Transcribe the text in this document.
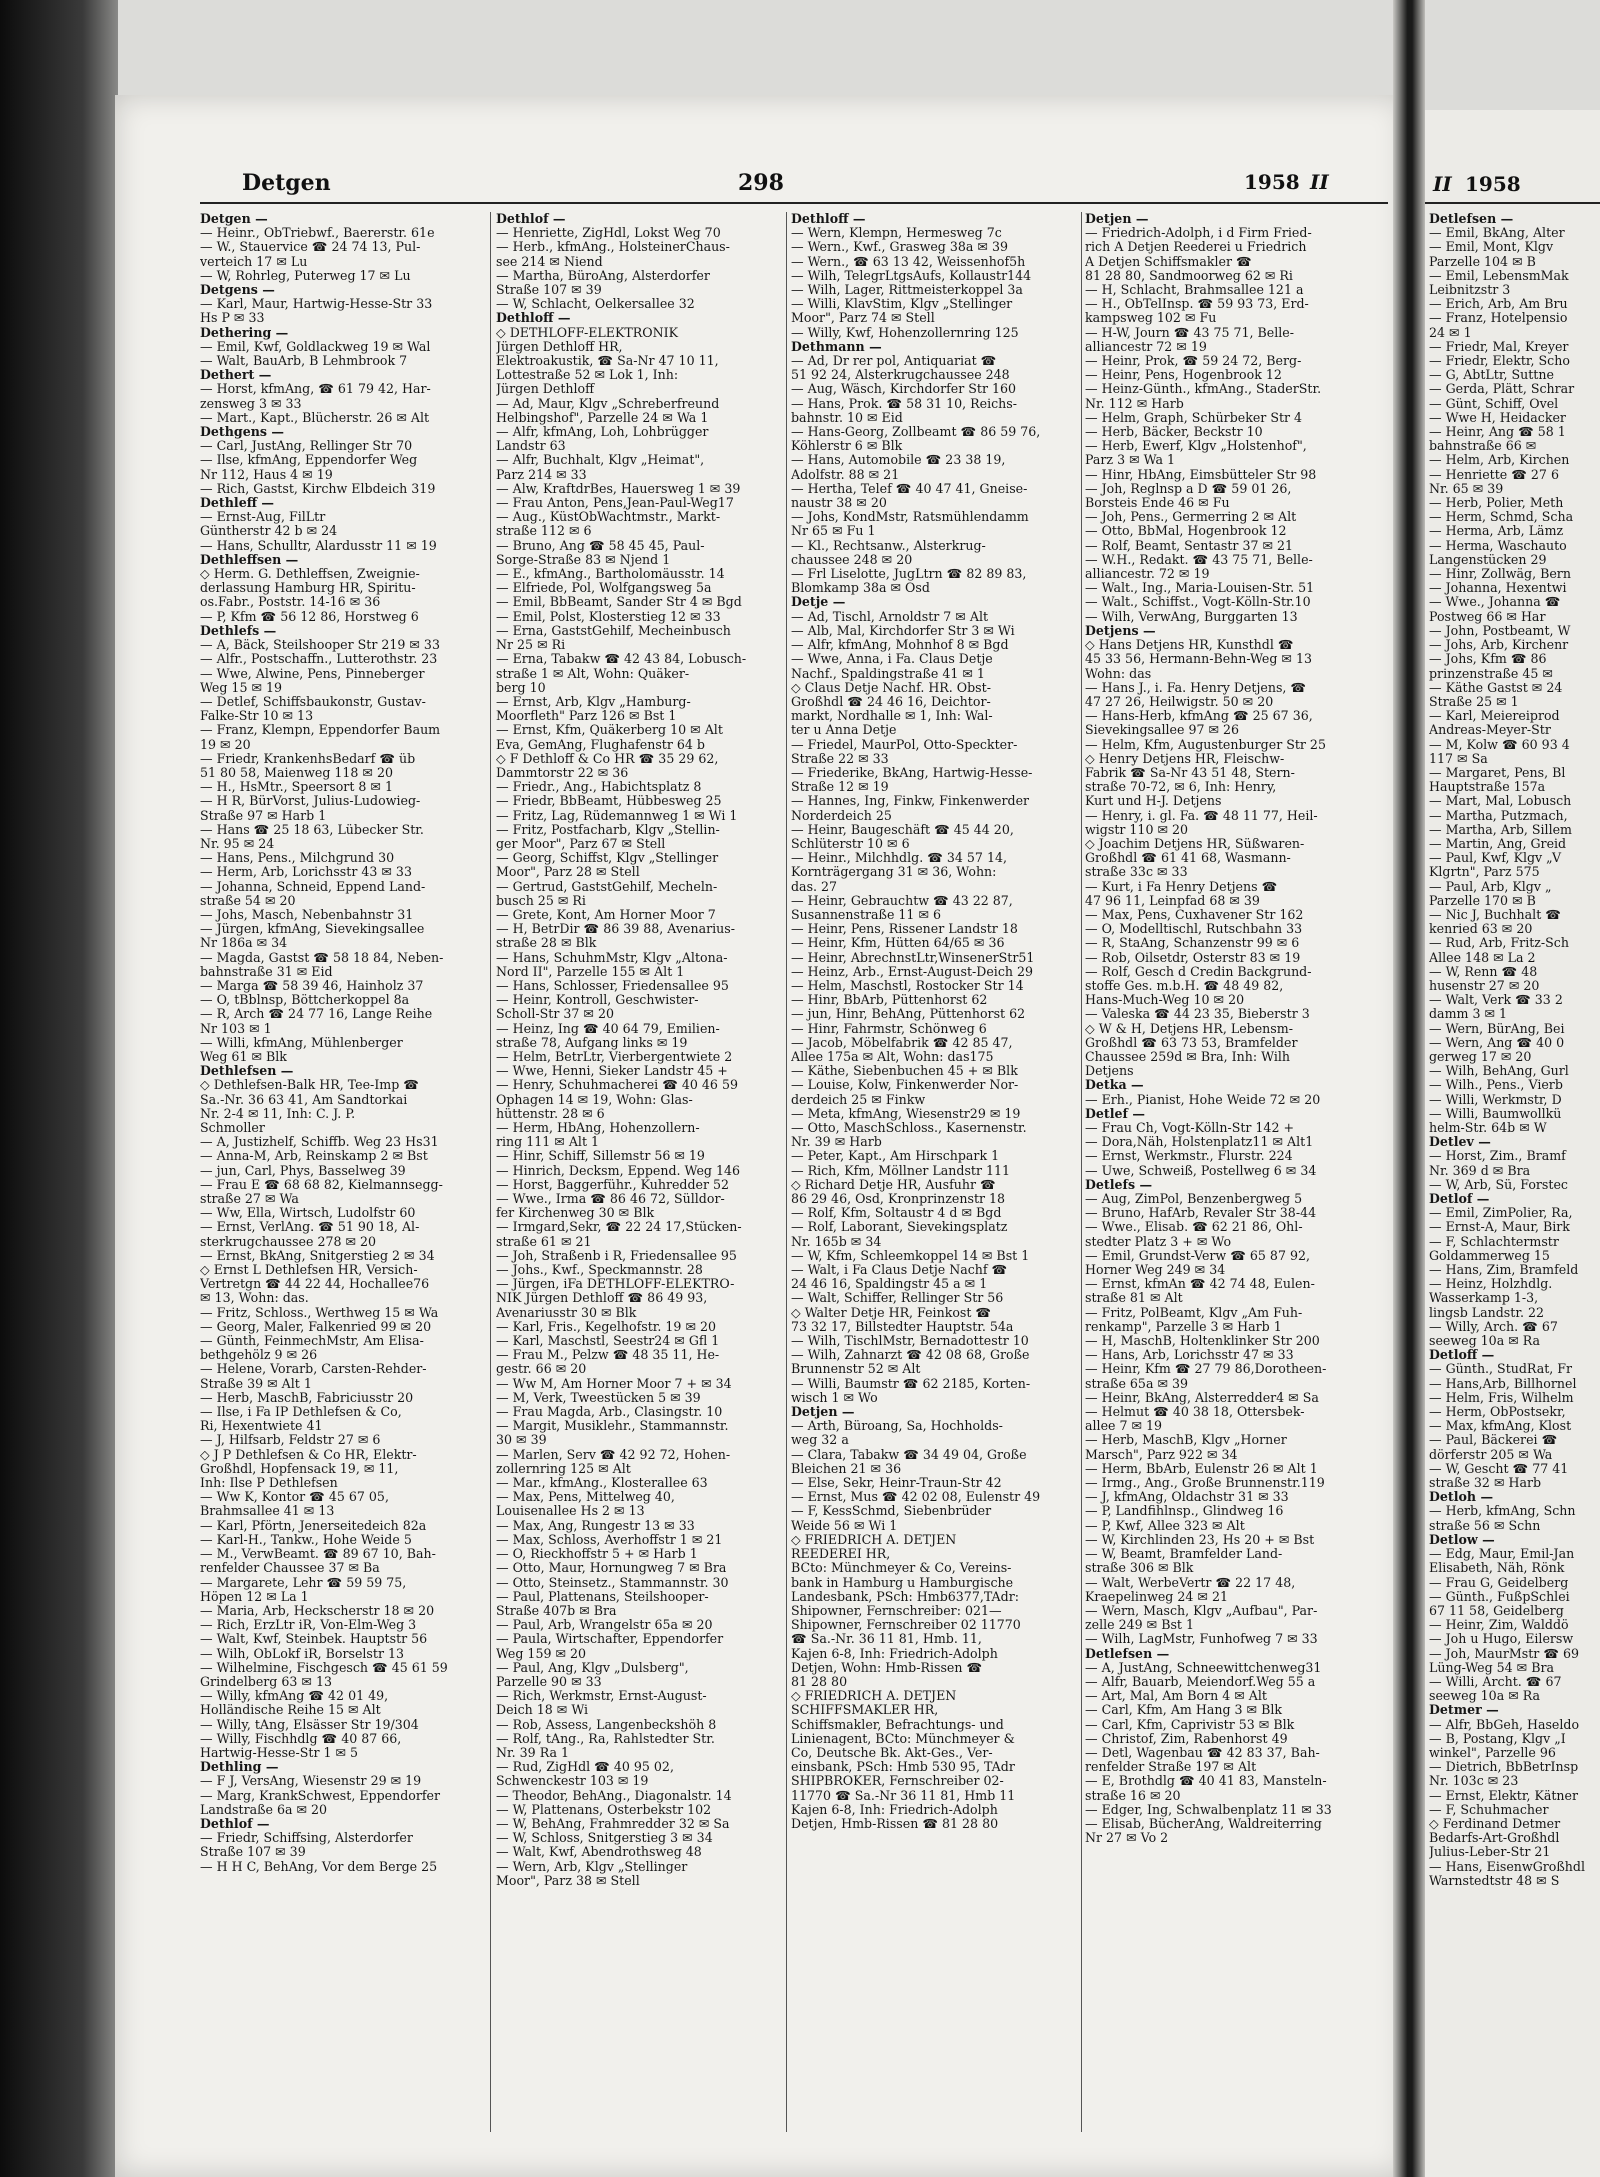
Detgen	298	1958 II
Detgen —
— Heinr., ObTriebwf., Baererstr. 61e
— W., Stauervice ☎ 24 74 13, Pul-
verteich 17 ✉ Lu
— W, Rohrleg, Puterweg 17 ✉ Lu
Detgens —
— Karl, Maur, Hartwig-Hesse-Str 33
Hs P ✉ 33
Dethering —
— Emil, Kwf, Goldlackweg 19 ✉ Wal
— Walt, BauArb, B Lehmbrook 7
Dethert —
— Horst, kfmAng, ☎ 61 79 42, Har-
zensweg 3 ✉ 33
— Mart., Kapt., Blücherstr. 26 ✉ Alt
Dethgens —
— Carl, JustAng, Rellinger Str 70
— Ilse, kfmAng, Eppendorfer Weg
Nr 112, Haus 4 ✉ 19
— Rich, Gastst, Kirchw Elbdeich 319
Dethleff —
— Ernst-Aug, FilLtr
Güntherstr 42 b ✉ 24
— Hans, Schulltr, Alardusstr 11 ✉ 19
Dethleffsen —
◇ Herm. G. Dethleffsen, Zweignie-
derlassung Hamburg HR, Spiritu-
os.Fabr., Poststr. 14-16 ✉ 36
— P, Kfm ☎ 56 12 86, Horstweg 6
Dethlefs —
— A, Bäck, Steilshooper Str 219 ✉ 33
— Alfr., Postschaffn., Lutterothstr. 23
— Wwe, Alwine, Pens, Pinneberger
Weg 15 ✉ 19
— Detlef, Schiffsbaukonstr, Gustav-
Falke-Str 10 ✉ 13
— Franz, Klempn, Eppendorfer Baum
19 ✉ 20
— Friedr, KrankenhsBedarf ☎ üb
51 80 58, Maienweg 118 ✉ 20
— H., HsMtr., Speersort 8 ✉ 1
— H R, BürVorst, Julius-Ludowieg-
Straße 97 ✉ Harb 1
— Hans ☎ 25 18 63, Lübecker Str.
Nr. 95 ✉ 24
— Hans, Pens., Milchgrund 30
— Herm, Arb, Lorichsstr 43 ✉ 33
— Johanna, Schneid, Eppend Land-
straße 54 ✉ 20
— Johs, Masch, Nebenbahnstr 31
— Jürgen, kfmAng, Sievekingsallee
Nr 186a ✉ 34
— Magda, Gastst ☎ 58 18 84, Neben-
bahnstraße 31 ✉ Eid
— Marga ☎ 58 39 46, Hainholz 37
— O, tBblnsp, Böttcherkoppel 8a
— R, Arch ☎ 24 77 16, Lange Reihe
Nr 103 ✉ 1
— Willi, kfmAng, Mühlenberger
Weg 61 ✉ Blk
Dethlefsen —
◇ Dethlefsen-Balk HR, Tee-Imp ☎
Sa.-Nr. 36 63 41, Am Sandtorkai
Nr. 2-4 ✉ 11, Inh: C. J. P.
Schmoller
— A, Justizhelf, Schiffb. Weg 23 Hs31
— Anna-M, Arb, Reinskamp 2 ✉ Bst
— jun, Carl, Phys, Basselweg 39
— Frau E ☎ 68 68 82, Kielmannsegg-
straße 27 ✉ Wa
— Ww, Ella, Wirtsch, Ludolfstr 60
— Ernst, VerlAng. ☎ 51 90 18, Al-
sterkrugchaussee 278 ✉ 20
— Ernst, BkAng, Snitgerstieg 2 ✉ 34
◇ Ernst L Dethlefsen HR, Versich-
Vertretgn ☎ 44 22 44, Hochallee76
✉ 13, Wohn: das.
— Fritz, Schloss., Werthweg 15 ✉ Wa
— Georg, Maler, Falkenried 99 ✉ 20
— Günth, FeinmechMstr, Am Elisa-
bethgehölz 9 ✉ 26
— Helene, Vorarb, Carsten-Rehder-
Straße 39 ✉ Alt 1
— Herb, MaschB, Fabriciusstr 20
— Ilse, i Fa IP Dethlefsen & Co,
Ri, Hexentwiete 41
— J, Hilfsarb, Feldstr 27 ✉ 6
◇ J P Dethlefsen & Co HR, Elektr-
Großhdl, Hopfensack 19, ✉ 11,
Inh: Ilse P Dethlefsen
— Ww K, Kontor ☎ 45 67 05,
Brahmsallee 41 ✉ 13
— Karl, Pförtn, Jenerseitedeich 82a
— Karl-H., Tankw., Hohe Weide 5
— M., VerwBeamt. ☎ 89 67 10, Bah-
renfelder Chaussee 37 ✉ Ba
— Margarete, Lehr ☎ 59 59 75,
Höpen 12 ✉ La 1
— Maria, Arb, Heckscherstr 18 ✉ 20
— Rich, ErzLtr iR, Von-Elm-Weg 3
— Walt, Kwf, Steinbek. Hauptstr 56
— Wilh, ObLokf iR, Borselstr 13
— Wilhelmine, Fischgesch ☎ 45 61 59
Grindelberg 63 ✉ 13
— Willy, kfmAng ☎ 42 01 49,
Holländische Reihe 15 ✉ Alt
— Willy, tAng, Elsässer Str 19/304
— Willy, Fischhdlg ☎ 40 87 66,
Hartwig-Hesse-Str 1 ✉ 5
Dethling —
— F J, VersAng, Wiesenstr 29 ✉ 19
— Marg, KrankSchwest, Eppendorfer
Landstraße 6a ✉ 20
Dethlof —
— Friedr, Schiffsing, Alsterdorfer
Straße 107 ✉ 39
— H H C, BehAng, Vor dem Berge 25
Dethlof —
— Henriette, ZigHdl, Lokst Weg 70
— Herb., kfmAng., HolsteinerChaus-
see 214 ✉ Niend
— Martha, BüroAng, Alsterdorfer
Straße 107 ✉ 39
— W, Schlacht, Oelkersallee 32
Dethloff —
◇ DETHLOFF-ELEKTRONIK
Jürgen Dethloff HR,
Elektroakustik, ☎ Sa-Nr 47 10 11,
Lottestraße 52 ✉ Lok 1, Inh:
Jürgen Dethloff
— Ad, Maur, Klgv „Schreberfreund
Helbingshof", Parzelle 24 ✉ Wa 1
— Alfr, kfmAng, Loh, Lohbrügger
Landstr 63
— Alfr, Buchhalt, Klgv „Heimat",
Parz 214 ✉ 33
— Alw, KraftdrBes, Hauersweg 1 ✉ 39
— Frau Anton, Pens,Jean-Paul-Weg17
— Aug., KüstObWachtmstr., Markt-
straße 112 ✉ 6
— Bruno, Ang ☎ 58 45 45, Paul-
Sorge-Straße 83 ✉ Njend 1
— E., kfmAng., Bartholomäusstr. 14
— Elfriede, Pol, Wolfgangsweg 5a
— Emil, BbBeamt, Sander Str 4 ✉ Bgd
— Emil, Polst, Klosterstieg 12 ✉ 33
— Erna, GaststGehilf, Mecheinbusch
Nr 25 ✉ Ri
— Erna, Tabakw ☎ 42 43 84, Lobusch-
straße 1 ✉ Alt, Wohn: Quäker-
berg 10
— Ernst, Arb, Klgv „Hamburg-
Moorfleth" Parz 126 ✉ Bst 1
— Ernst, Kfm, Quäkerberg 10 ✉ Alt
Eva, GemAng, Flughafenstr 64 b
◇ F Dethloff & Co HR ☎ 35 29 62,
Dammtorstr 22 ✉ 36
— Friedr., Ang., Habichtsplatz 8
— Friedr, BbBeamt, Hübbesweg 25
— Fritz, Lag, Rüdemannweg 1 ✉ Wi 1
— Fritz, Postfacharb, Klgv „Stellin-
ger Moor", Parz 67 ✉ Stell
— Georg, Schiffst, Klgv „Stellinger
Moor", Parz 28 ✉ Stell
— Gertrud, GaststGehilf, Mecheln-
busch 25 ✉ Ri
— Grete, Kont, Am Horner Moor 7
— H, BetrDir ☎ 86 39 88, Avenarius-
straße 28 ✉ Blk
— Hans, SchuhmMstr, Klgv „Altona-
Nord II", Parzelle 155 ✉ Alt 1
— Hans, Schlosser, Friedensallee 95
— Heinr, Kontroll, Geschwister-
Scholl-Str 37 ✉ 20
— Heinz, Ing ☎ 40 64 79, Emilien-
straße 78, Aufgang links ✉ 19
— Helm, BetrLtr, Vierbergentwiete 2
— Wwe, Henni, Sieker Landstr 45 +
— Henry, Schuhmacherei ☎ 40 46 59
Ophagen 14 ✉ 19, Wohn: Glas-
hüttenstr. 28 ✉ 6
— Herm, HbAng, Hohenzollern-
ring 111 ✉ Alt 1
— Hinr, Schiff, Sillemstr 56 ✉ 19
— Hinrich, Decksm, Eppend. Weg 146
— Horst, Baggerführ., Kuhredder 52
— Wwe., Irma ☎ 86 46 72, Sülldor-
fer Kirchenweg 30 ✉ Blk
— Irmgard,Sekr, ☎ 22 24 17,Stücken-
straße 61 ✉ 21
— Joh, Straßenb i R, Friedensallee 95
— Johs., Kwf., Speckmannstr. 28
— Jürgen, iFa DETHLOFF-ELEKTRO-
NIK Jürgen Dethloff ☎ 86 49 93,
Avenariusstr 30 ✉ Blk
— Karl, Fris., Kegelhofstr. 19 ✉ 20
— Karl, Maschstl, Seestr24 ✉ Gfl 1
— Frau M., Pelzw ☎ 48 35 11, He-
gestr. 66 ✉ 20
— Ww M, Am Horner Moor 7 + ✉ 34
— M, Verk, Tweestücken 5 ✉ 39
— Frau Magda, Arb., Clasingstr. 10
— Margit, Musiklehr., Stammannstr.
30 ✉ 39
— Marlen, Serv ☎ 42 92 72, Hohen-
zollernring 125 ✉ Alt
— Mar., kfmAng., Klosterallee 63
— Max, Pens, Mittelweg 40,
Louisenallee Hs 2 ✉ 13
— Max, Ang, Rungestr 13 ✉ 33
— Max, Schloss, Averhoffstr 1 ✉ 21
— O, Rieckhoffstr 5 + ✉ Harb 1
— Otto, Maur, Hornungweg 7 ✉ Bra
— Otto, Steinsetz., Stammannstr. 30
— Paul, Plattenans, Steilshooper-
Straße 407b ✉ Bra
— Paul, Arb, Wrangelstr 65a ✉ 20
— Paula, Wirtschafter, Eppendorfer
Weg 159 ✉ 20
— Paul, Ang, Klgv „Dulsberg",
Parzelle 90 ✉ 33
— Rich, Werkmstr, Ernst-August-
Deich 18 ✉ Wi
— Rob, Assess, Langenbeckshöh 8
— Rolf, tAng., Ra, Rahlstedter Str.
Nr. 39 Ra 1
— Rud, ZigHdl ☎ 40 95 02,
Schwenckestr 103 ✉ 19
— Theodor, BehAng., Diagonalstr. 14
— W, Plattenans, Osterbekstr 102
— W, BehAng, Frahmredder 32 ✉ Sa
— W, Schloss, Snitgerstieg 3 ✉ 34
— Walt, Kwf, Abendrothsweg 48
— Wern, Arb, Klgv „Stellinger
Moor", Parz 38 ✉ Stell
Dethloff —
— Wern, Klempn, Hermesweg 7c
— Wern., Kwf., Grasweg 38a ✉ 39
— Wern., ☎ 63 13 42, Weissenhof5h
— Wilh, TelegrLtgsAufs, Kollaustr144
— Wilh, Lager, Rittmeisterkoppel 3a
— Willi, KlavStim, Klgv „Stellinger
Moor", Parz 74 ✉ Stell
— Willy, Kwf, Hohenzollernring 125
Dethmann —
— Ad, Dr rer pol, Antiquariat ☎
51 92 24, Alsterkrugchaussee 248
— Aug, Wäsch, Kirchdorfer Str 160
— Hans, Prok. ☎ 58 31 10, Reichs-
bahnstr. 10 ✉ Eid
— Hans-Georg, Zollbeamt ☎ 86 59 76,
Köhlerstr 6 ✉ Blk
— Hans, Automobile ☎ 23 38 19,
Adolfstr. 88 ✉ 21
— Hertha, Telef ☎ 40 47 41, Gneise-
naustr 38 ✉ 20
— Johs, KondMstr, Ratsmühlendamm
Nr 65 ✉ Fu 1
— Kl., Rechtsanw., Alsterkrug-
chaussee 248 ✉ 20
— Frl Liselotte, JugLtrn ☎ 82 89 83,
Blomkamp 38a ✉ Osd
Detje —
— Ad, Tischl, Arnoldstr 7 ✉ Alt
— Alb, Mal, Kirchdorfer Str 3 ✉ Wi
— Alfr, kfmAng, Mohnhof 8 ✉ Bgd
— Wwe, Anna, i Fa. Claus Detje
Nachf., Spaldingstraße 41 ✉ 1
◇ Claus Detje Nachf. HR. Obst-
Großhdl ☎ 24 46 16, Deichtor-
markt, Nordhalle ✉ 1, Inh: Wal-
ter u Anna Detje
— Friedel, MaurPol, Otto-Speckter-
Straße 22 ✉ 33
— Friederike, BkAng, Hartwig-Hesse-
Straße 12 ✉ 19
— Hannes, Ing, Finkw, Finkenwerder
Norderdeich 25
— Heinr, Baugeschäft ☎ 45 44 20,
Schlüterstr 10 ✉ 6
— Heinr., Milchhdlg. ☎ 34 57 14,
Kornträgergang 31 ✉ 36, Wohn:
das. 27
— Heinr, Gebrauchtw ☎ 43 22 87,
Susannenstraße 11 ✉ 6
— Heinr, Pens, Rissener Landstr 18
— Heinr, Kfm, Hütten 64/65 ✉ 36
— Heinr, AbrechnstLtr,WinsenerStr51
— Heinz, Arb., Ernst-August-Deich 29
— Helm, Maschstl, Rostocker Str 14
— Hinr, BbArb, Püttenhorst 62
— jun, Hinr, BehAng, Püttenhorst 62
— Hinr, Fahrmstr, Schönweg 6
— Jacob, Möbelfabrik ☎ 42 85 47,
Allee 175a ✉ Alt, Wohn: das175
— Käthe, Siebenbuchen 45 + ✉ Blk
— Louise, Kolw, Finkenwerder Nor-
derdeich 25 ✉ Finkw
— Meta, kfmAng, Wiesenstr29 ✉ 19
— Otto, MaschSchloss., Kasernenstr.
Nr. 39 ✉ Harb
— Peter, Kapt., Am Hirschpark 1
— Rich, Kfm, Möllner Landstr 111
◇ Richard Detje HR, Ausfuhr ☎
86 29 46, Osd, Kronprinzenstr 18
— Rolf, Kfm, Soltaustr 4 d ✉ Bgd
— Rolf, Laborant, Sievekingsplatz
Nr. 165b ✉ 34
— W, Kfm, Schleemkoppel 14 ✉ Bst 1
— Walt, i Fa Claus Detje Nachf ☎
24 46 16, Spaldingstr 45 a ✉ 1
— Walt, Schiffer, Rellinger Str 56
◇ Walter Detje HR, Feinkost ☎
73 32 17, Billstedter Hauptstr. 54a
— Wilh, TischlMstr, Bernadottestr 10
— Wilh, Zahnarzt ☎ 42 08 68, Große
Brunnenstr 52 ✉ Alt
— Willi, Baumstr ☎ 62 2185, Korten-
wisch 1 ✉ Wo
Detjen —
— Arth, Büroang, Sa, Hochholds-
weg 32 a
— Clara, Tabakw ☎ 34 49 04, Große
Bleichen 21 ✉ 36
— Else, Sekr, Heinr-Traun-Str 42
— Ernst, Mus ☎ 42 02 08, Eulenstr 49
— F, KessSchmd, Siebenbrüder
Weide 56 ✉ Wi 1
◇ FRIEDRICH A. DETJEN
REEDEREI HR,
BCto: Münchmeyer & Co, Vereins-
bank in Hamburg u Hamburgische
Landesbank, PSch: Hmb6377,TAdr:
Shipowner, Fernschreiber: 021—
Shipowner, Fernschreiber 02 11770
☎ Sa.-Nr. 36 11 81, Hmb. 11,
Kajen 6-8, Inh: Friedrich-Adolph
Detjen, Wohn: Hmb-Rissen ☎
81 28 80
◇ FRIEDRICH A. DETJEN
SCHIFFSMAKLER HR,
Schiffsmakler, Befrachtungs- und
Linienagent, BCto: Münchmeyer &
Co, Deutsche Bk. Akt-Ges., Ver-
einsbank, PSch: Hmb 530 95, TAdr
SHIPBROKER, Fernschreiber 02-
11770 ☎ Sa.-Nr 36 11 81, Hmb 11
Kajen 6-8, Inh: Friedrich-Adolph
Detjen, Hmb-Rissen ☎ 81 28 80
Detjen —
— Friedrich-Adolph, i d Firm Fried-
rich A Detjen Reederei u Friedrich
A Detjen Schiffsmakler ☎
81 28 80, Sandmoorweg 62 ✉ Ri
— H, Schlacht, Brahmsallee 121 a
— H., ObTelInsp. ☎ 59 93 73, Erd-
kampsweg 102 ✉ Fu
— H-W, Journ ☎ 43 75 71, Belle-
alliancestr 72 ✉ 19
— Heinr, Prok, ☎ 59 24 72, Berg-
— Heinr, Pens, Hogenbrook 12
— Heinz-Günth., kfmAng., StaderStr.
Nr. 112 ✉ Harb
— Helm, Graph, Schürbeker Str 4
— Herb, Bäcker, Beckstr 10
— Herb, Ewerf, Klgv „Holstenhof",
Parz 3 ✉ Wa 1
— Hinr, HbAng, Eimsbütteler Str 98
— Joh, Reglnsp a D ☎ 59 01 26,
Borsteis Ende 46 ✉ Fu
— Joh, Pens., Germerring 2 ✉ Alt
— Otto, BbMal, Hogenbrook 12
— Rolf, Beamt, Sentastr 37 ✉ 21
— W.H., Redakt. ☎ 43 75 71, Belle-
alliancestr. 72 ✉ 19
— Walt., Ing., Maria-Louisen-Str. 51
— Walt., Schiffst., Vogt-Kölln-Str.10
— Wilh, VerwAng, Burggarten 13
Detjens —
◇ Hans Detjens HR, Kunsthdl ☎
45 33 56, Hermann-Behn-Weg ✉ 13
Wohn: das
— Hans J., i. Fa. Henry Detjens, ☎
47 27 26, Heilwigstr. 50 ✉ 20
— Hans-Herb, kfmAng ☎ 25 67 36,
Sievekingsallee 97 ✉ 26
— Helm, Kfm, Augustenburger Str 25
◇ Henry Detjens HR, Fleischw-
Fabrik ☎ Sa-Nr 43 51 48, Stern-
straße 70-72, ✉ 6, Inh: Henry,
Kurt und H-J. Detjens
— Henry, i. gl. Fa. ☎ 48 11 77, Heil-
wigstr 110 ✉ 20
◇ Joachim Detjens HR, Süßwaren-
Großhdl ☎ 61 41 68, Wasmann-
straße 33c ✉ 33
— Kurt, i Fa Henry Detjens ☎
47 96 11, Leinpfad 68 ✉ 39
— Max, Pens, Cuxhavener Str 162
— O, Modelltischl, Rutschbahn 33
— R, StaAng, Schanzenstr 99 ✉ 6
— Rob, Oilsetdr, Osterstr 83 ✉ 19
— Rolf, Gesch d Credin Backgrund-
stoffe Ges. m.b.H. ☎ 48 49 82,
Hans-Much-Weg 10 ✉ 20
— Valeska ☎ 44 23 35, Bieberstr 3
◇ W & H, Detjens HR, Lebensm-
Großhdl ☎ 63 73 53, Bramfelder
Chaussee 259d ✉ Bra, Inh: Wilh
Detjens
Detka —
— Erh., Pianist, Hohe Weide 72 ✉ 20
Detlef —
— Frau Ch, Vogt-Kölln-Str 142 +
— Dora,Näh, Holstenplatz11 ✉ Alt1
— Ernst, Werkmstr., Flurstr. 224
— Uwe, Schweiß, Postellweg 6 ✉ 34
Detlefs —
— Aug, ZimPol, Benzenbergweg 5
— Bruno, HafArb, Revaler Str 38-44
— Wwe., Elisab. ☎ 62 21 86, Ohl-
stedter Platz 3 + ✉ Wo
— Emil, Grundst-Verw ☎ 65 87 92,
Horner Weg 249 ✉ 34
— Ernst, kfmAn ☎ 42 74 48, Eulen-
straße 81 ✉ Alt
— Fritz, PolBeamt, Klgv „Am Fuh-
renkamp", Parzelle 3 ✉ Harb 1
— H, MaschB, Holtenklinker Str 200
— Hans, Arb, Lorichsstr 47 ✉ 33
— Heinr, Kfm ☎ 27 79 86,Dorotheen-
straße 65a ✉ 39
— Heinr, BkAng, Alsterredder4 ✉ Sa
— Helmut ☎ 40 38 18, Ottersbek-
allee 7 ✉ 19
— Herb, MaschB, Klgv „Horner
Marsch", Parz 922 ✉ 34
— Herm, BbArb, Eulenstr 26 ✉ Alt 1
— Irmg., Ang., Große Brunnenstr.119
— J, kfmAng, Oldachstr 31 ✉ 33
— P, Landfihlnsp., Glindweg 16
— P, Kwf, Allee 323 ✉ Alt
— W, Kirchlinden 23, Hs 20 + ✉ Bst
— W, Beamt, Bramfelder Land-
straße 306 ✉ Blk
— Walt, WerbeVertr ☎ 22 17 48,
Kraepelinweg 24 ✉ 21
— Wern, Masch, Klgv „Aufbau", Par-
zelle 249 ✉ Bst 1
— Wilh, LagMstr, Funhofweg 7 ✉ 33
Detlefsen —
— A, JustAng, Schneewittchenweg31
— Alfr, Bauarb, Meiendorf.Weg 55 a
— Art, Mal, Am Born 4 ✉ Alt
— Carl, Kfm, Am Hang 3 ✉ Blk
— Carl, Kfm, Caprivistr 53 ✉ Blk
— Christof, Zim, Rabenhorst 49
— Detl, Wagenbau ☎ 42 83 37, Bah-
renfelder Straße 197 ✉ Alt
— E, Brothdlg ☎ 40 41 83, Mansteln-
straße 16 ✉ 20
— Edger, Ing, Schwalbenplatz 11 ✉ 33
— Elisab, BücherAng, Waldreiterring
Nr 27 ✉ Vo 2
II 1958
Detlefsen —
— Emil, BkAng, Alter
— Emil, Mont, Klgv
Parzelle 104 ✉ B
— Emil, LebensmMak
Leibnitzstr 3
— Erich, Arb, Am Bru
— Franz, Hotelpensio
24 ✉ 1
— Friedr, Mal, Kreyer
— Friedr, Elektr, Scho
— G, AbtLtr, Suttne
— Gerda, Plätt, Schrar
— Günt, Schiff, Ovel
— Wwe H, Heidacker
— Heinr, Ang ☎ 58 1
bahnstraße 66 ✉
— Helm, Arb, Kirchen
— Henriette ☎ 27 6
Nr. 65 ✉ 39
— Herb, Polier, Meth
— Herm, Schmd, Scha
— Herma, Arb, Lämz
— Herma, Waschauto
Langenstücken 29
— Hinr, Zollwäg, Bern
— Johanna, Hexentwi
— Wwe., Johanna ☎
Postweg 66 ✉ Har
— John, Postbeamt, W
— Johs, Arb, Kirchenr
— Johs, Kfm ☎ 86
prinzenstraße 45 ✉
— Käthe Gastst ✉ 24
Straße 25 ✉ 1
— Karl, Meiereiprod
Andreas-Meyer-Str
— M, Kolw ☎ 60 93 4
117 ✉ Sa
— Margaret, Pens, Bl
Hauptstraße 157a
— Mart, Mal, Lobusch
— Martha, Putzmach,
— Martha, Arb, Sillem
— Martin, Ang, Greid
— Paul, Kwf, Klgv „V
Klgrtn", Parz 575
— Paul, Arb, Klgv „
Parzelle 170 ✉ B
— Nic J, Buchhalt ☎
kenried 63 ✉ 20
— Rud, Arb, Fritz-Sch
Allee 148 ✉ La 2
— W, Renn ☎ 48
husenstr 27 ✉ 20
— Walt, Verk ☎ 33 2
damm 3 ✉ 1
— Wern, BürAng, Bei
— Wern, Ang ☎ 40 0
gerweg 17 ✉ 20
— Wilh, BehAng, Gurl
— Wilh., Pens., Vierb
— Willi, Werkmstr, D
— Willi, Baumwollkü
helm-Str. 64b ✉ W
Detlev —
— Horst, Zim., Bramf
Nr. 369 d ✉ Bra
— W, Arb, Sü, Forstec
Detlof —
— Emil, ZimPolier, Ra,
— Ernst-A, Maur, Birk
— F, Schlachtermstr
Goldammerweg 15
— Hans, Zim, Bramfeld
— Heinz, Holzhdlg.
Wasserkamp 1-3,
lingsb Landstr. 22
— Willy, Arch. ☎ 67
seeweg 10a ✉ Ra
Detloff —
— Günth., StudRat, Fr
— Hans,Arb, Billhornel
— Helm, Fris, Wilhelm
— Herm, ObPostsekr,
— Max, kfmAng, Klost
— Paul, Bäckerei ☎
dörferstr 205 ✉ Wa
— W, Gescht ☎ 77 41
straße 32 ✉ Harb
Detloh —
— Herb, kfmAng, Schn
straße 56 ✉ Schn
Detlow —
— Edg, Maur, Emil-Jan
Elisabeth, Näh, Rönk
— Frau G, Geidelberg
— Günth., FußpSchlei
67 11 58, Geidelberg
— Heinr, Zim, Walddö
— Joh u Hugo, Eilersw
— Joh, MaurMstr ☎ 69
Lüng-Weg 54 ✉ Bra
— Willi, Archt. ☎ 67
seeweg 10a ✉ Ra
Detmer —
— Alfr, BbGeh, Haseldo
— B, Postang, Klgv „I
winkel", Parzelle 96
— Dietrich, BbBetrInsp
Nr. 103c ✉ 23
— Ernst, Elektr, Kätner
— F, Schuhmacher
◇ Ferdinand Detmer
Bedarfs-Art-Großhdl
Julius-Leber-Str 21
— Hans, EisenwGroßhdl
Warnstedtstr 48 ✉ S
